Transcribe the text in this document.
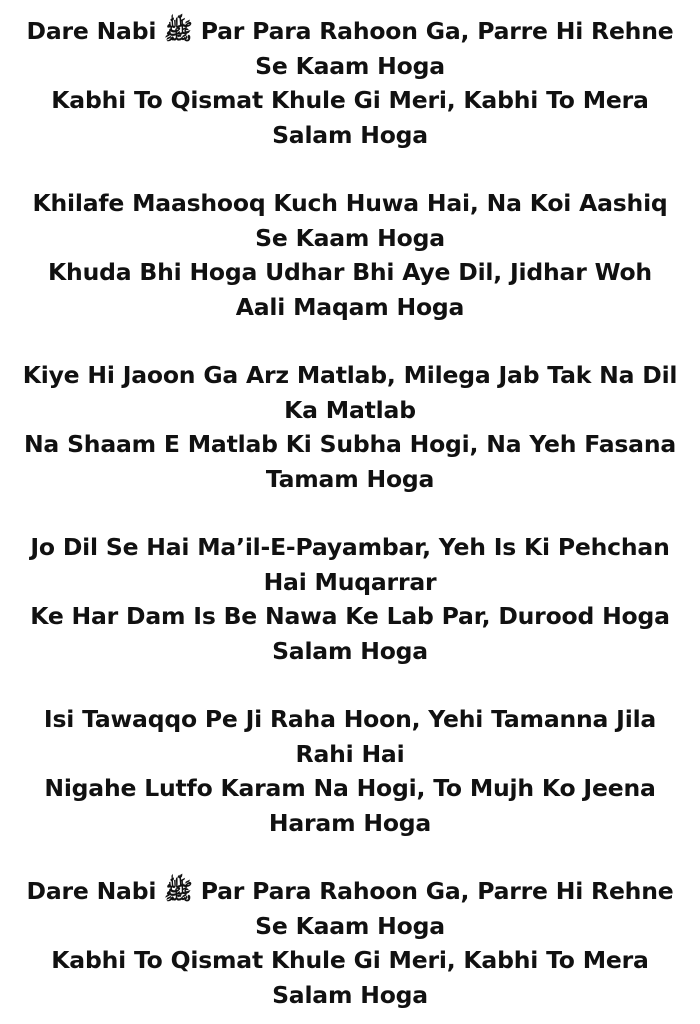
Dare Nabi ﷺ Par Para Rahoon Ga, Parre Hi Rehne Se Kaam Hoga

Kabhi To Qismat Khule Gi Meri, Kabhi To Mera Salam Hoga

Khilafe Maashooq Kuch Huwa Hai, Na Koi Aashiq Se Kaam Hoga

Khuda Bhi Hoga Udhar Bhi Aye Dil, Jidhar Woh Aali Maqam Hoga

Kiye Hi Jaoon Ga Arz Matlab, Milega Jab Tak Na Dil Ka Matlab

Na Shaam E Matlab Ki Subha Hogi, Na Yeh Fasana Tamam Hoga

Jo Dil Se Hai Ma’il-E-Payambar, Yeh Is Ki Pehchan Hai Muqarrar

Ke Har Dam Is Be Nawa Ke Lab Par, Durood Hoga Salam Hoga

Isi Tawaqqo Pe Ji Raha Hoon, Yehi Tamanna Jila Rahi Hai

Nigahe Lutfo Karam Na Hogi, To Mujh Ko Jeena Haram Hoga

Dare Nabi ﷺ Par Para Rahoon Ga, Parre Hi Rehne Se Kaam Hoga

Kabhi To Qismat Khule Gi Meri, Kabhi To Mera Salam Hoga
